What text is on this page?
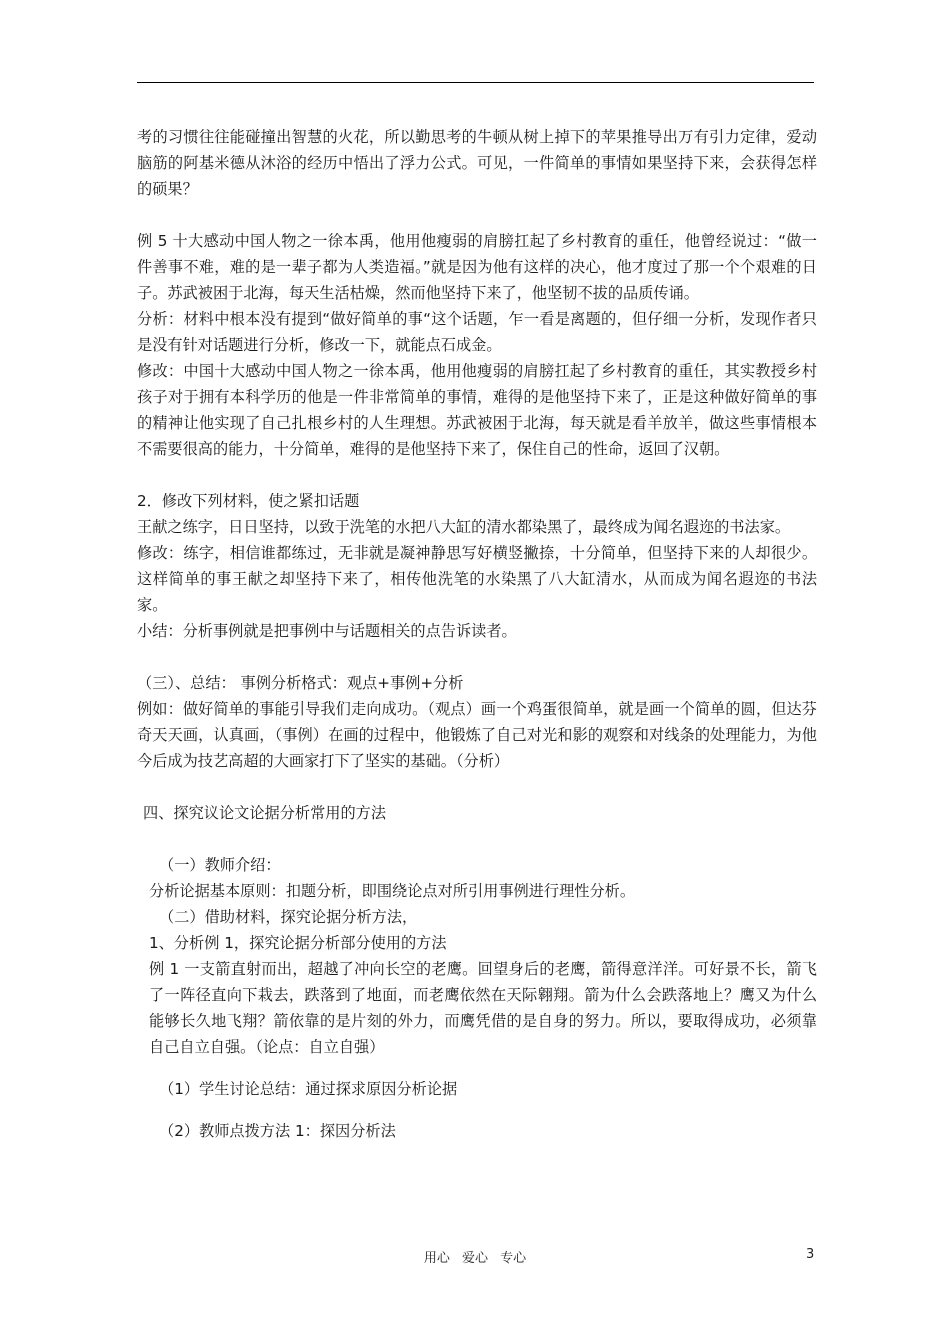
考的习惯往往能碰撞出智慧的火花，所以勤思考的牛顿从树上掉下的苹果推导出万有引力定律，爱动脑筋的阿基米德从沐浴的经历中悟出了浮力公式。可见，一件简单的事情如果坚持下来，会获得怎样的硕果？

例 5 十大感动中国人物之一徐本禹，他用他瘦弱的肩膀扛起了乡村教育的重任，他曾经说过：“做一件善事不难，难的是一辈子都为人类造福。”就是因为他有这样的决心，他才度过了那一个个艰难的日子。苏武被困于北海，每天生活枯燥，然而他坚持下来了，他坚韧不拔的品质传诵。

分析：材料中根本没有提到“做好简单的事“这个话题，乍一看是离题的，但仔细一分析，发现作者只是没有针对话题进行分析，修改一下，就能点石成金。

修改：中国十大感动中国人物之一徐本禹，他用他瘦弱的肩膀扛起了乡村教育的重任，其实教授乡村孩子对于拥有本科学历的他是一件非常简单的事情，难得的是他坚持下来了，正是这种做好简单的事的精神让他实现了自己扎根乡村的人生理想。苏武被困于北海，每天就是看羊放羊，做这些事情根本不需要很高的能力，十分简单，难得的是他坚持下来了，保住自己的性命，返回了汉朝。

2．修改下列材料，使之紧扣话题

王献之练字，日日坚持，以致于洗笔的水把八大缸的清水都染黑了，最终成为闻名遐迩的书法家。

修改：练字，相信谁都练过，无非就是凝神静思写好横竖撇捺，十分简单，但坚持下来的人却很少。这样简单的事王献之却坚持下来了，相传他洗笔的水染黑了八大缸清水，从而成为闻名遐迩的书法家。

小结：分析事例就是把事例中与话题相关的点告诉读者。

（三）、总结： 事例分析格式：观点+事例+分析

例如：做好简单的事能引导我们走向成功。（观点）画一个鸡蛋很简单，就是画一个简单的圆，但达芬奇天天画，认真画，（事例）在画的过程中，他锻炼了自己对光和影的观察和对线条的处理能力，为他今后成为技艺高超的大画家打下了坚实的基础。（分析）

四、探究议论文论据分析常用的方法

（一）教师介绍：

分析论据基本原则：扣题分析，即围绕论点对所引用事例进行理性分析。

（二）借助材料，探究论据分析方法，

1、分析例 1，探究论据分析部分使用的方法

例 1 一支箭直射而出，超越了冲向长空的老鹰。回望身后的老鹰，箭得意洋洋。可好景不长，箭飞了一阵径直向下栽去，跌落到了地面，而老鹰依然在天际翱翔。箭为什么会跌落地上？鹰又为什么能够长久地飞翔？箭依靠的是片刻的外力，而鹰凭借的是自身的努力。所以，要取得成功，必须靠自己自立自强。（论点：自立自强）

（1）学生讨论总结：通过探求原因分析论据

（2）教师点拨方法 1：探因分析法

用心 爱心 专心	3
